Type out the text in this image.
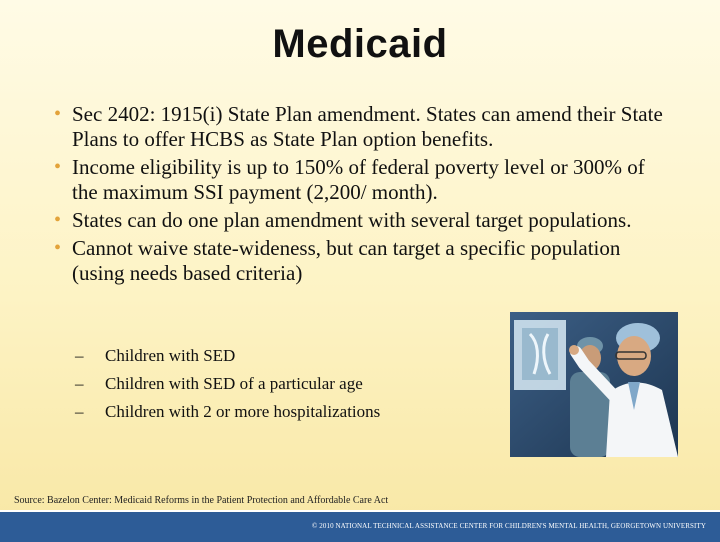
Medicaid
• Sec 2402: 1915(i) State Plan amendment. States can amend their State Plans to offer HCBS as State Plan option benefits.
• Income eligibility is up to 150% of federal poverty level or 300% of the maximum SSI payment (2,200/ month).
• States can do one plan amendment with several target populations.
• Cannot waive state-wideness, but can target a specific population (using needs based criteria)
– Children with SED
– Children with SED of a particular age
– Children with 2 or more hospitalizations
Source: Bazelon Center: Medicaid Reforms in the Patient Protection and Affordable Care Act
© 2010 NATIONAL TECHNICAL ASSISTANCE CENTER FOR CHILDREN'S MENTAL HEALTH, GEORGETOWN UNIVERSITY
